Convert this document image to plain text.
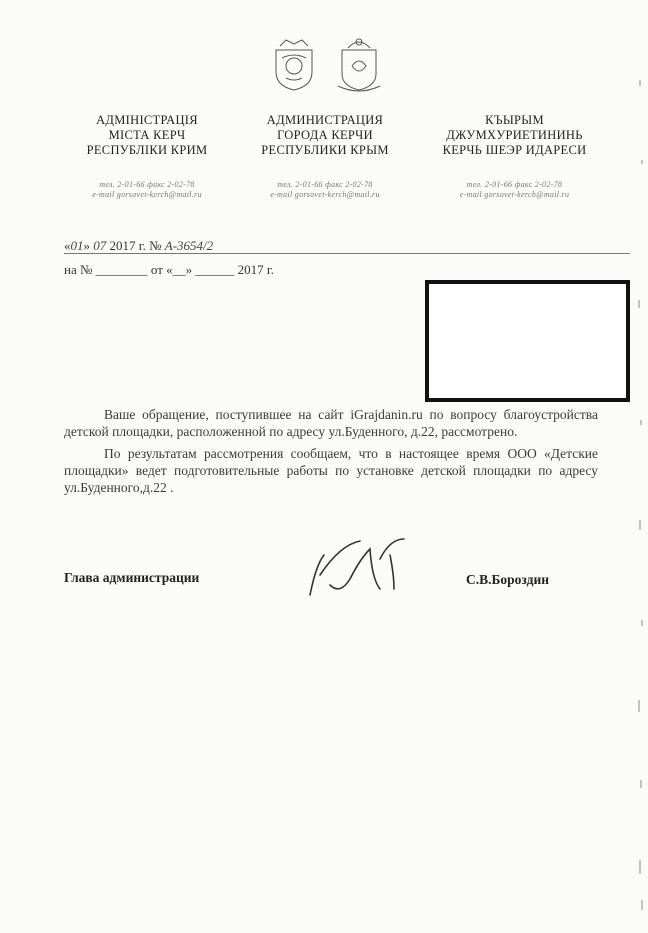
АДМІНІСТРАЦІЯ
МІСТА КЕРЧ
РЕСПУБЛІКИ КРИМ
тел. 2-01-66 факс 2-02-78
e-mail gorsovet-kerch@mail.ru
АДМИНИСТРАЦИЯ
ГОРОДА КЕРЧИ
РЕСПУБЛИКИ КРЫМ
тел. 2-01-66 факс 2-02-78
e-mail gorsovet-kerch@mail.ru
КЪЫРЫМ
ДЖУМХУРИЕТИНИНЬ
КЕРЧЬ ШЕЭР ИДАРЕСИ
тел. 2-01-66 факс 2-02-78
e-mail gorsovet-kerch@mail.ru
«01» 07 2017 г. № А-3654/2
на № ________ от «__» ______ 2017 г.

Ваше обращение, поступившее на сайт iGrajdanin.ru по вопросу благоустройства детской площадки, расположенной по адресу ул.Буденного, д.22, рассмотрено.

По результатам рассмотрения сообщаем, что в настоящее время ООО «Детские площадки» ведет подготовительные работы по установке детской площадки по адресу ул.Буденного,д.22 .

Глава администрации	С.В.Бороздин
